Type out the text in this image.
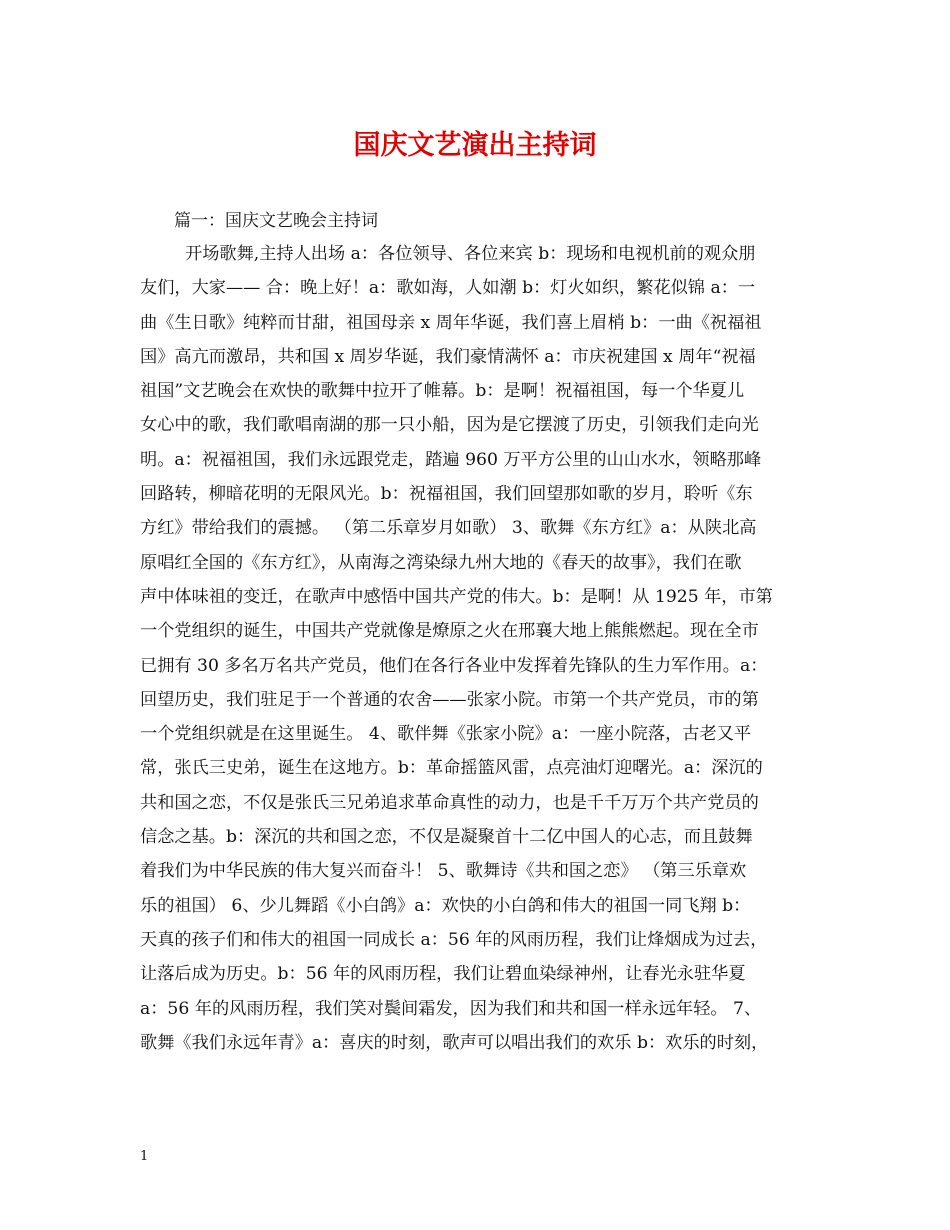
国庆文艺演出主持词

篇一：国庆文艺晚会主持词

开场歌舞,主持人出场 a：各位领导、各位来宾 b：现场和电视机前的观众朋
友们，大家—— 合：晚上好！a：歌如海，人如潮 b：灯火如织，繁花似锦 a：一
曲《生日歌》纯粹而甘甜，祖国母亲 x 周年华诞，我们喜上眉梢 b：一曲《祝福祖
国》高亢而激昂，共和国 x 周岁华诞，我们豪情满怀 a：市庆祝建国 x 周年“祝福
祖国”文艺晚会在欢快的歌舞中拉开了帷幕。b：是啊！祝福祖国，每一个华夏儿
女心中的歌，我们歌唱南湖的那一只小船，因为是它摆渡了历史，引领我们走向光
明。a：祝福祖国，我们永远跟党走，踏遍 960 万平方公里的山山水水，领略那峰
回路转，柳暗花明的无限风光。b：祝福祖国，我们回望那如歌的岁月，聆听《东
方红》带给我们的震撼。 （第二乐章岁月如歌） 3、歌舞《东方红》a：从陕北高
原唱红全国的《东方红》，从南海之湾染绿九州大地的《春天的故事》，我们在歌
声中体味祖的变迁，在歌声中感悟中国共产党的伟大。b：是啊！从 1925 年，市第
一个党组织的诞生，中国共产党就像是燎原之火在邢襄大地上熊熊燃起。现在全市
已拥有 30 多名万名共产党员，他们在各行各业中发挥着先锋队的生力军作用。a：
回望历史，我们驻足于一个普通的农舍——张家小院。市第一个共产党员，市的第
一个党组织就是在这里诞生。 4、歌伴舞《张家小院》a：一座小院落，古老又平
常，张氏三史弟，诞生在这地方。b：革命摇篮风雷，点亮油灯迎曙光。a：深沉的
共和国之恋，不仅是张氏三兄弟追求革命真性的动力，也是千千万万个共产党员的
信念之基。b：深沉的共和国之恋，不仅是凝聚首十二亿中国人的心志，而且鼓舞
着我们为中华民族的伟大复兴而奋斗！ 5、歌舞诗《共和国之恋》 （第三乐章欢
乐的祖国） 6、少儿舞蹈《小白鸽》a：欢快的小白鸽和伟大的祖国一同飞翔 b：
天真的孩子们和伟大的祖国一同成长 a：56 年的风雨历程，我们让烽烟成为过去，
让落后成为历史。b：56 年的风雨历程，我们让碧血染绿神州，让春光永驻华夏
a：56 年的风雨历程，我们笑对鬓间霜发，因为我们和共和国一样永远年轻。 7、
歌舞《我们永远年青》a：喜庆的时刻，歌声可以唱出我们的欢乐 b：欢乐的时刻，
1
